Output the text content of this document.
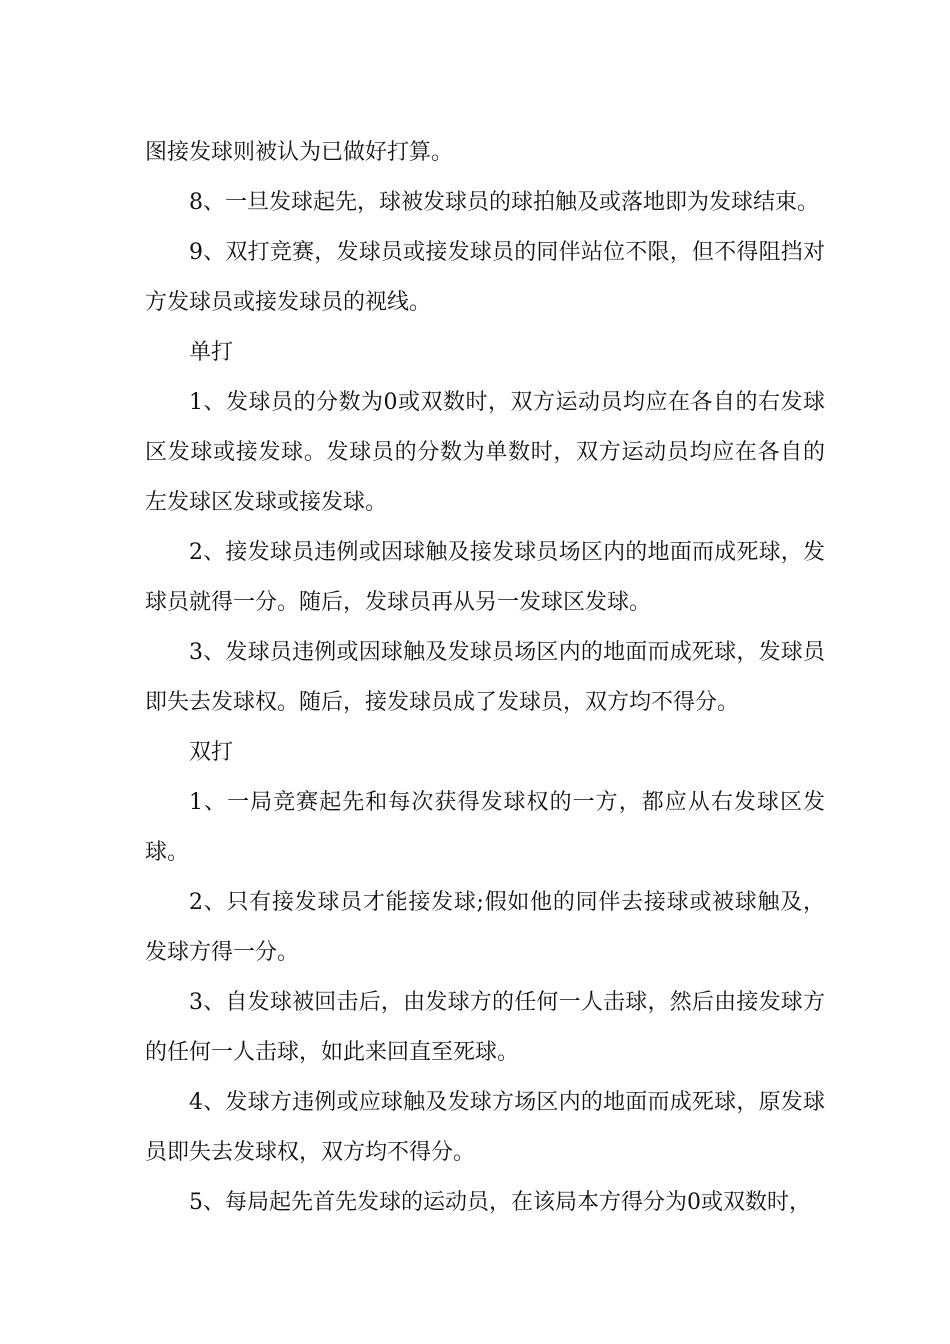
图接发球则被认为已做好打算。

8、一旦发球起先，球被发球员的球拍触及或落地即为发球结束。

9、双打竞赛，发球员或接发球员的同伴站位不限，但不得阻挡对方发球员或接发球员的视线。

单打

1、发球员的分数为0或双数时，双方运动员均应在各自的右发球区发球或接发球。发球员的分数为单数时，双方运动员均应在各自的左发球区发球或接发球。

2、接发球员违例或因球触及接发球员场区内的地面而成死球，发球员就得一分。随后，发球员再从另一发球区发球。

3、发球员违例或因球触及发球员场区内的地面而成死球，发球员即失去发球权。随后，接发球员成了发球员，双方均不得分。

双打

1、一局竞赛起先和每次获得发球权的一方，都应从右发球区发球。

2、只有接发球员才能接发球;假如他的同伴去接球或被球触及，发球方得一分。

3、自发球被回击后，由发球方的任何一人击球，然后由接发球方的任何一人击球，如此来回直至死球。

4、发球方违例或应球触及发球方场区内的地面而成死球，原发球员即失去发球权，双方均不得分。

5、每局起先首先发球的运动员，在该局本方得分为0或双数时，
